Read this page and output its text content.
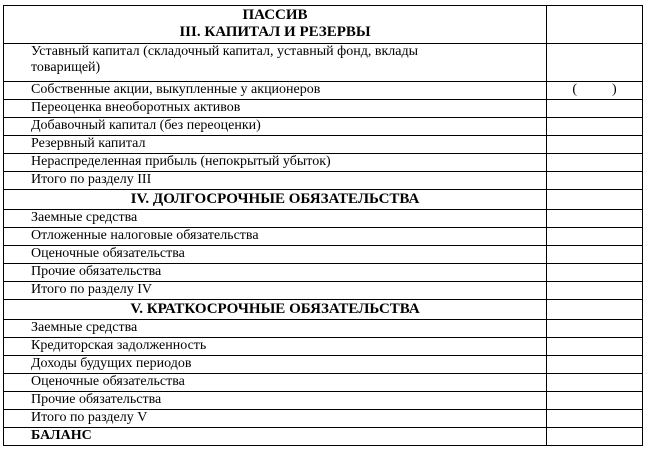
ПАССИВ
III. КАПИТАЛ И РЕЗЕРВЫ	

Уставный капитал (складочный капитал, уставный фонд, вклады товарищей)	

Собственные акции, выкупленные у акционеров	(          )

Переоценка внеоборотных активов	

Добавочный капитал (без переоценки)	

Резервный капитал	

Нераспределенная прибыль (непокрытый убыток)	

Итого по разделу III	

IV. ДОЛГОСРОЧНЫЕ ОБЯЗАТЕЛЬСТВА	

Заемные средства	

Отложенные налоговые обязательства	

Оценочные обязательства	

Прочие обязательства	

Итого по разделу IV	

V. КРАТКОСРОЧНЫЕ ОБЯЗАТЕЛЬСТВА	

Заемные средства	

Кредиторская задолженность	

Доходы будущих периодов	

Оценочные обязательства	

Прочие обязательства	

Итого по разделу V	

БАЛАНС	
